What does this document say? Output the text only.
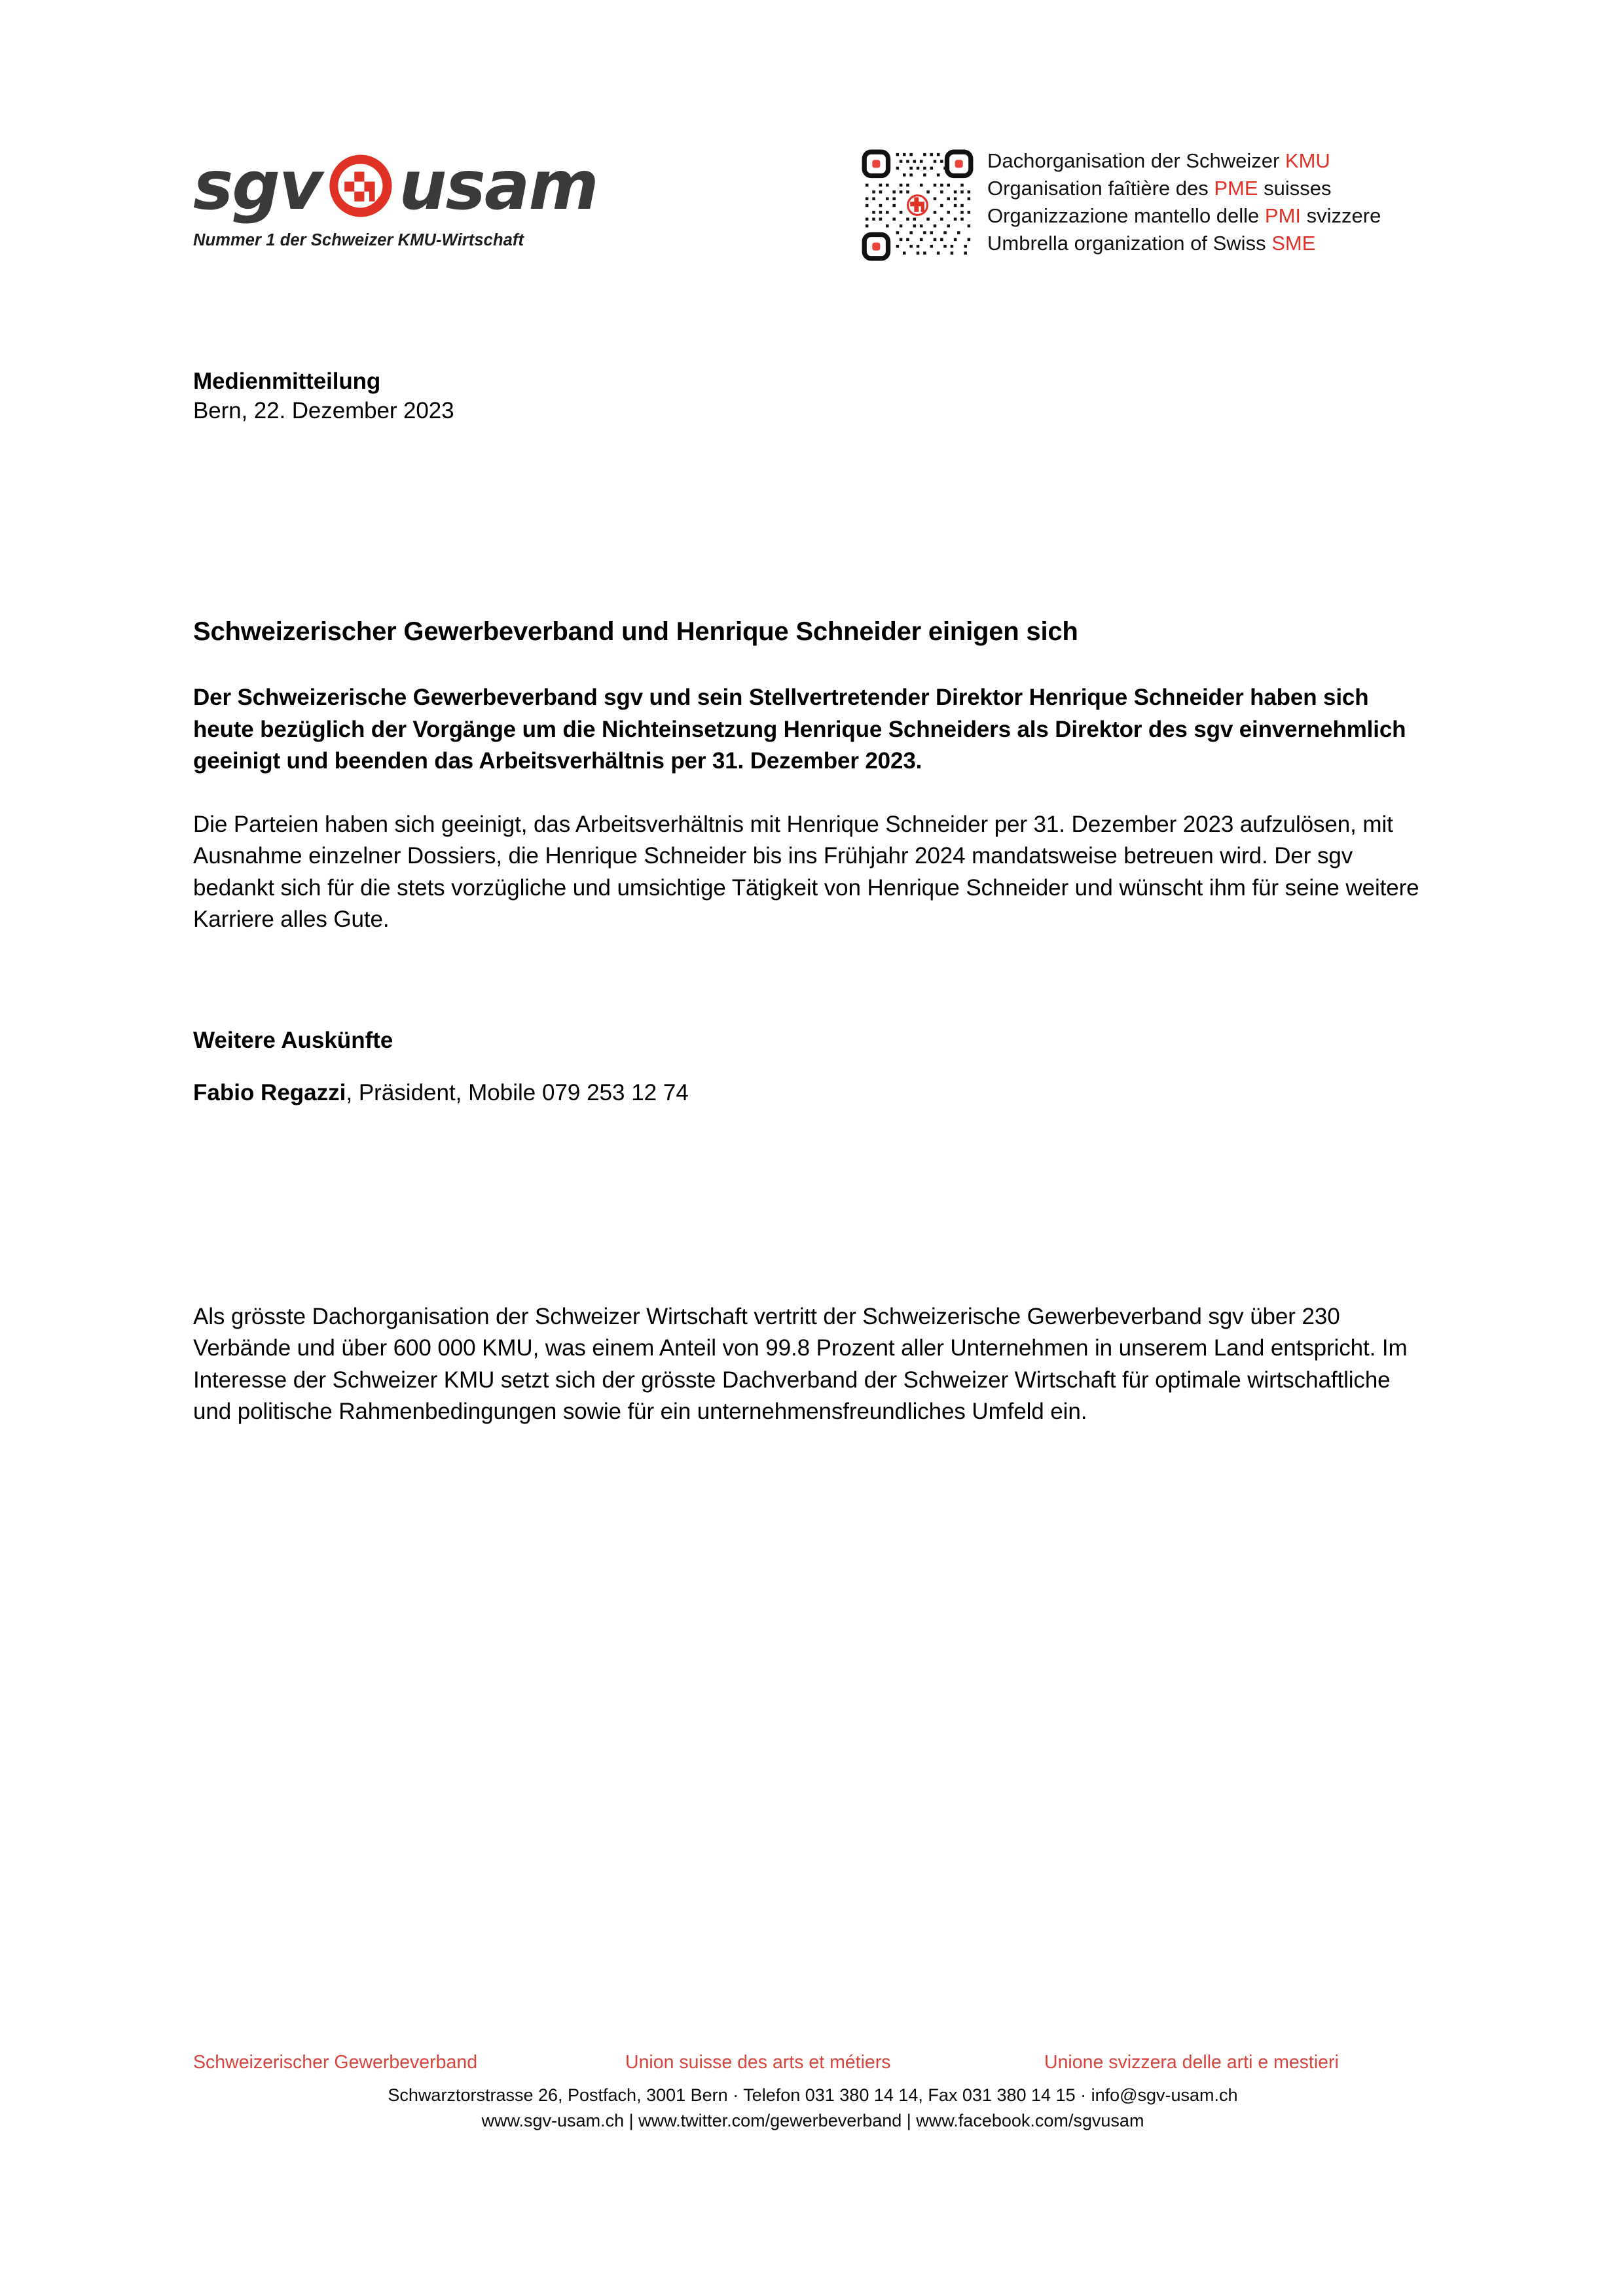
sgv usam
Nummer 1 der Schweizer KMU-Wirtschaft
Dachorganisation der Schweizer KMU
Organisation faîtière des PME suisses
Organizzazione mantello delle PMI svizzere
Umbrella organization of Swiss SME
Medienmitteilung
Bern, 22. Dezember 2023
Schweizerischer Gewerbeverband und Henrique Schneider einigen sich

Der Schweizerische Gewerbeverband sgv und sein Stellvertretender Direktor Henrique Schneider haben sich heute bezüglich der Vorgänge um die Nichteinsetzung Henrique Schneiders als Direktor des sgv einvernehmlich geeinigt und beenden das Arbeitsverhältnis per 31. Dezember 2023.

Die Parteien haben sich geeinigt, das Arbeitsverhältnis mit Henrique Schneider per 31. Dezember 2023 aufzulösen, mit Ausnahme einzelner Dossiers, die Henrique Schneider bis ins Frühjahr 2024 mandatsweise betreuen wird. Der sgv bedankt sich für die stets vorzügliche und umsichtige Tätigkeit von Henrique Schneider und wünscht ihm für seine weitere Karriere alles Gute.

Weitere Auskünfte
Fabio Regazzi, Präsident, Mobile 079 253 12 74

Als grösste Dachorganisation der Schweizer Wirtschaft vertritt der Schweizerische Gewerbeverband sgv über 230 Verbände und über 600 000 KMU, was einem Anteil von 99.8 Prozent aller Unternehmen in unserem Land entspricht. Im Interesse der Schweizer KMU setzt sich der grösste Dachverband der Schweizer Wirtschaft für optimale wirtschaftliche und politische Rahmenbedingungen sowie für ein unternehmensfreundliches Umfeld ein.

Schweizerischer Gewerbeverband	Union suisse des arts et métiers	Unione svizzera delle arti e mestieri
Schwarztorstrasse 26, Postfach, 3001 Bern · Telefon 031 380 14 14, Fax 031 380 14 15 · info@sgv-usam.ch
www.sgv-usam.ch | www.twitter.com/gewerbeverband | www.facebook.com/sgvusam
